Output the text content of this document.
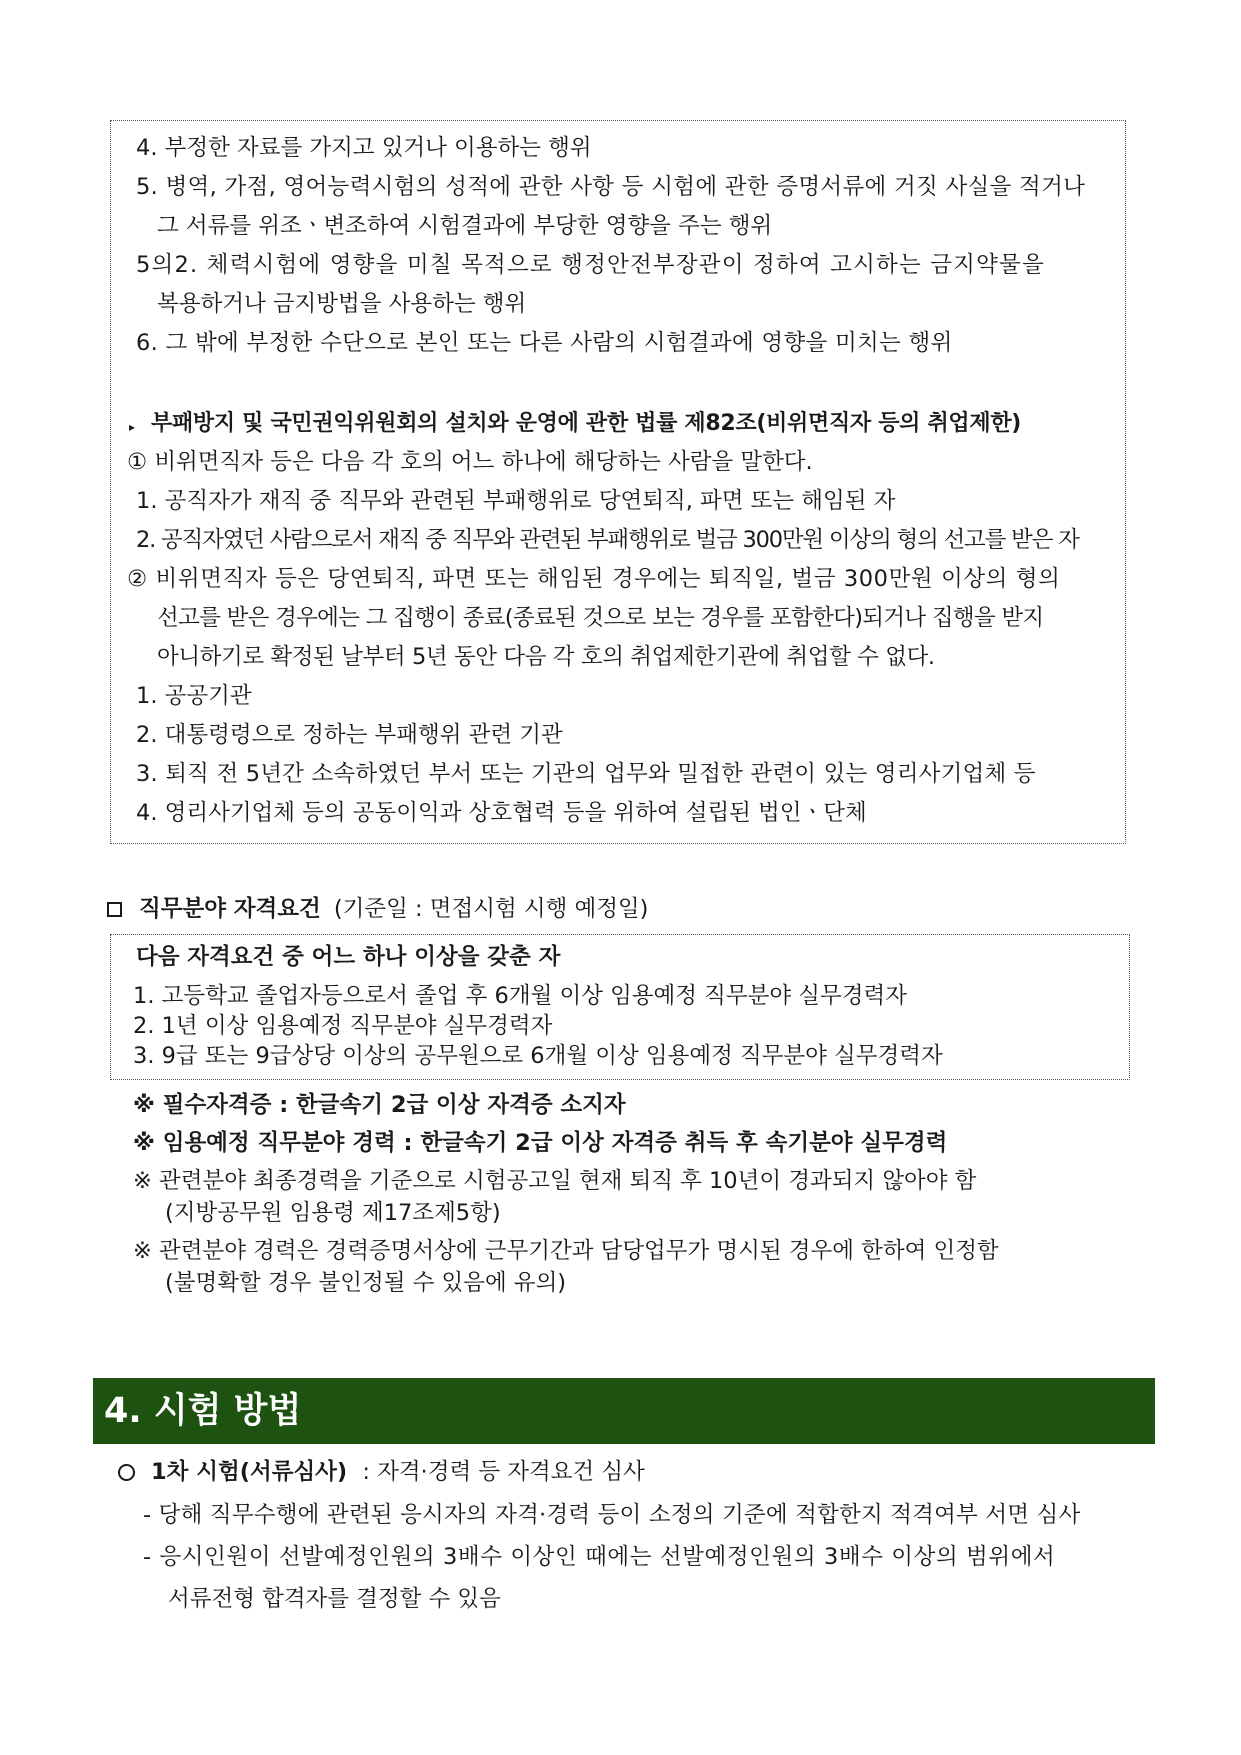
4. 부정한 자료를 가지고 있거나 이용하는 행위
5. 병역, 가점, 영어능력시험의 성적에 관한 사항 등 시험에 관한 증명서류에 거짓 사실을 적거나
그 서류를 위조ㆍ변조하여 시험결과에 부당한 영향을 주는 행위
5의2. 체력시험에 영향을 미칠 목적으로 행정안전부장관이 정하여 고시하는 금지약물을
복용하거나 금지방법을 사용하는 행위
6. 그 밖에 부정한 수단으로 본인 또는 다른 사람의 시험결과에 영향을 미치는 행위
▸ 부패방지 및 국민권익위원회의 설치와 운영에 관한 법률 제82조(비위면직자 등의 취업제한)
① 비위면직자 등은 다음 각 호의 어느 하나에 해당하는 사람을 말한다.
1. 공직자가 재직 중 직무와 관련된 부패행위로 당연퇴직, 파면 또는 해임된 자
2. 공직자였던 사람으로서 재직 중 직무와 관련된 부패행위로 벌금 300만원 이상의 형의 선고를 받은 자
② 비위면직자 등은 당연퇴직, 파면 또는 해임된 경우에는 퇴직일, 벌금 300만원 이상의 형의
선고를 받은 경우에는 그 집행이 종료(종료된 것으로 보는 경우를 포함한다)되거나 집행을 받지
아니하기로 확정된 날부터 5년 동안 다음 각 호의 취업제한기관에 취업할 수 없다.
1. 공공기관
2. 대통령령으로 정하는 부패행위 관련 기관
3. 퇴직 전 5년간 소속하였던 부서 또는 기관의 업무와 밀접한 관련이 있는 영리사기업체 등
4. 영리사기업체 등의 공동이익과 상호협력 등을 위하여 설립된 법인ㆍ단체
직무분야 자격요건 (기준일 : 면접시험 시행 예정일)
다음 자격요건 중 어느 하나 이상을 갖춘 자
1. 고등학교 졸업자등으로서 졸업 후 6개월 이상 임용예정 직무분야 실무경력자
2. 1년 이상 임용예정 직무분야 실무경력자
3. 9급 또는 9급상당 이상의 공무원으로 6개월 이상 임용예정 직무분야 실무경력자
※ 필수자격증 : 한글속기 2급 이상 자격증 소지자
※ 임용예정 직무분야 경력 : 한글속기 2급 이상 자격증 취득 후 속기분야 실무경력
※ 관련분야 최종경력을 기준으로 시험공고일 현재 퇴직 후 10년이 경과되지 않아야 함
(지방공무원 임용령 제17조제5항)
※ 관련분야 경력은 경력증명서상에 근무기간과 담당업무가 명시된 경우에 한하여 인정함
(불명확할 경우 불인정될 수 있음에 유의)
4. 시험 방법
1차 시험(서류심사) : 자격·경력 등 자격요건 심사
- 당해 직무수행에 관련된 응시자의 자격·경력 등이 소정의 기준에 적합한지 적격여부 서면 심사
- 응시인원이 선발예정인원의 3배수 이상인 때에는 선발예정인원의 3배수 이상의 범위에서
서류전형 합격자를 결정할 수 있음
